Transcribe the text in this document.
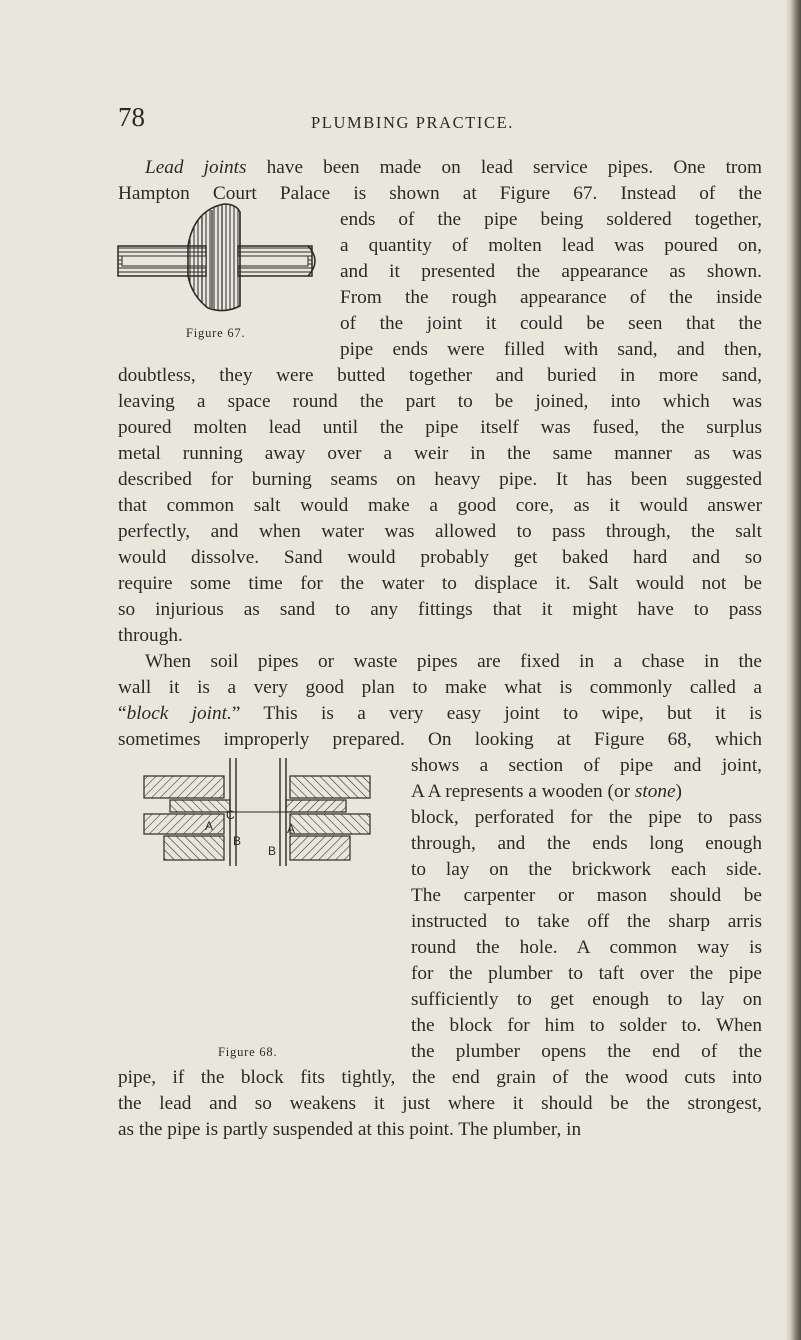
78	PLUMBING PRACTICE.

Lead joints have been made on lead service pipes. One trom

Hampton Court Palace is shown at Figure 67. Instead of the

ends of the pipe being soldered together,

a quantity of molten lead was poured on,

and it presented the appearance as shown.

From the rough appearance of the inside

of the joint it could be seen that the

pipe ends were filled with sand, and then,

doubtless, they were butted together and buried in more sand,

leaving a space round the part to be joined, into which was

poured molten lead until the pipe itself was fused, the surplus

metal running away over a weir in the same manner as was

described for burning seams on heavy pipe. It has been suggested

that common salt would make a good core, as it would answer

perfectly, and when water was allowed to pass through, the salt

would dissolve. Sand would probably get baked hard and so

require some time for the water to displace it. Salt would not be

so injurious as sand to any fittings that it might have to pass

through.

When soil pipes or waste pipes are fixed in a chase in the

wall it is a very good plan to make what is commonly called a

“block joint.” This is a very easy joint to wipe, but it is

sometimes improperly prepared. On looking at Figure 68, which

shows a section of pipe and joint,

A A represents a wooden (or stone)

block, perforated for the pipe to pass

through, and the ends long enough

to lay on the brickwork each side.

The carpenter or mason should be

instructed to take off the sharp arris

round the hole. A common way is

for the plumber to taft over the pipe

sufficiently to get enough to lay on

the block for him to solder to. When

the plumber opens the end of the

pipe, if the block fits tightly, the end grain of the wood cuts into

the lead and so weakens it just where it should be the strongest,

as the pipe is partly suspended at this point. The plumber, in

Figure 67.
A	A
B
B
C
Figure 68.
